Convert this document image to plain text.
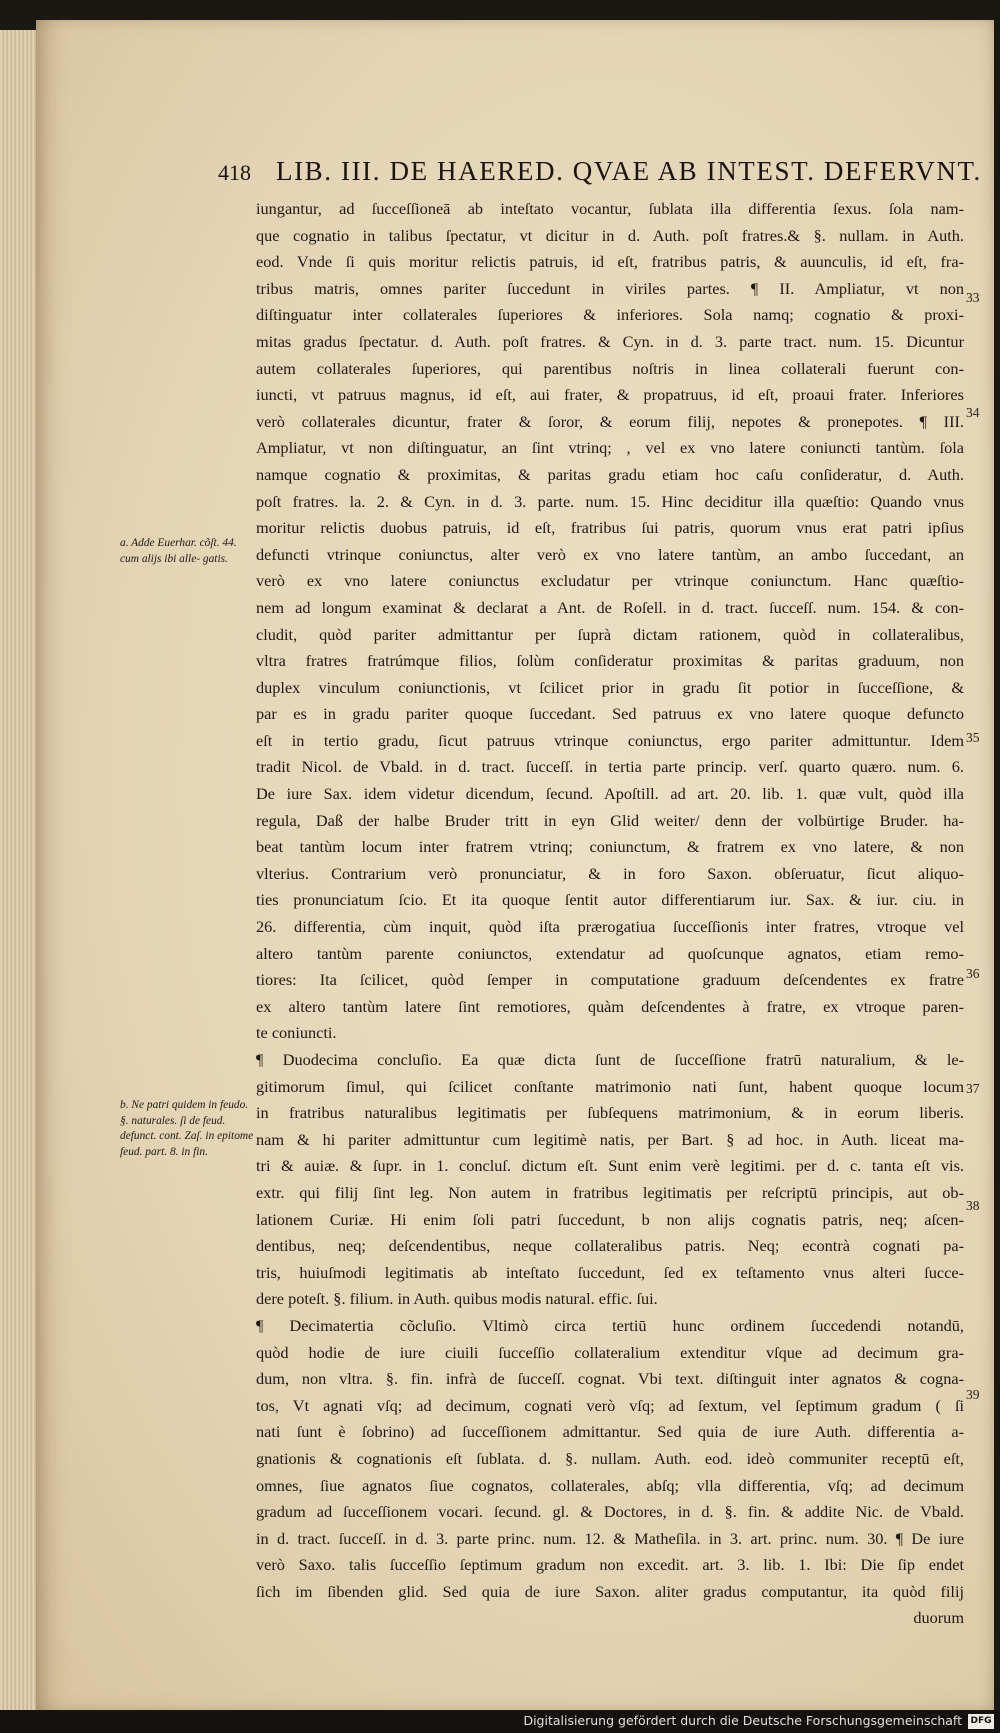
418 LIB. III. DE HAERED. QVAE AB INTEST. DEFERVNT.
iungantur, ad ſucceſſioneā ab inteſtato vocantur, ſublata illa differentia ſexus. ſola nam-
que cognatio in talibus ſpectatur, vt dicitur in d. Auth. poſt fratres.& §. nullam. in Auth.
eod. Vnde ſi quis moritur relictis patruis, id eſt, fratribus patris, & auunculis, id eſt, fra-
tribus matris, omnes pariter ſuccedunt in viriles partes. ¶ II. Ampliatur, vt non
diſtinguatur inter collaterales ſuperiores & inferiores. Sola namq; cognatio & proxi-
mitas gradus ſpectatur. d. Auth. poſt fratres. & Cyn. in d. 3. parte tract. num. 15. Dicuntur
autem collaterales ſuperiores, qui parentibus noſtris in linea collaterali fuerunt con-
iuncti, vt patruus magnus, id eſt, aui frater, & propatruus, id eſt, proaui frater. Inferiores
verò collaterales dicuntur, frater & ſoror, & eorum filij, nepotes & pronepotes. ¶ III.
Ampliatur, vt non diſtinguatur, an ſint vtrinq; , vel ex vno latere coniuncti tantùm. ſola
namque cognatio & proximitas, & paritas gradu etiam hoc caſu conſideratur, d. Auth.
poſt fratres. la. 2. & Cyn. in d. 3. parte. num. 15. Hinc deciditur illa quæſtio: Quando vnus
moritur relictis duobus patruis, id eſt, fratribus ſui patris, quorum vnus erat patri ipſius
defuncti vtrinque coniunctus, alter verò ex vno latere tantùm, an ambo ſuccedant, an
verò ex vno latere coniunctus excludatur per vtrinque coniunctum. Hanc quæſtio-
nem ad longum examinat & declarat a Ant. de Roſell. in d. tract. ſucceſſ. num. 154. & con-
cludit, quòd pariter admittantur per ſuprà dictam rationem, quòd in collateralibus,
vltra fratres fratrúmque filios, ſolùm conſideratur proximitas & paritas graduum, non
duplex vinculum coniunctionis, vt ſcilicet prior in gradu ſit potior in ſucceſſione, &
par es in gradu pariter quoque ſuccedant. Sed patruus ex vno latere quoque defuncto
eſt in tertio gradu, ſicut patruus vtrinque coniunctus, ergo pariter admittuntur. Idem
tradit Nicol. de Vbald. in d. tract. ſucceſſ. in tertia parte princip. verſ. quarto quæro. num. 6.
De iure Sax. idem videtur dicendum, ſecund. Apoſtill. ad art. 20. lib. 1. quæ vult, quòd illa
regula, Daß der halbe Bruder tritt in eyn Glid weiter/ denn der volbürtige Bruder. ha-
beat tantùm locum inter fratrem vtrinq; coniunctum, & fratrem ex vno latere, & non
vlterius. Contrarium verò pronunciatur, & in foro Saxon. obſeruatur, ſicut aliquo-
ties pronunciatum ſcio. Et ita quoque ſentit autor differentiarum iur. Sax. & iur. ciu. in
26. differentia, cùm inquit, quòd iſta prærogatiua ſucceſſionis inter fratres, vtroque vel
altero tantùm parente coniunctos, extendatur ad quoſcunque agnatos, etiam remo-
tiores: Ita ſcilicet, quòd ſemper in computatione graduum deſcendentes ex fratre
ex altero tantùm latere ſint remotiores, quàm deſcendentes à fratre, ex vtroque paren-
te coniuncti.
¶ Duodecima concluſio. Ea quæ dicta ſunt de ſucceſſione fratrū naturalium, & le-
gitimorum ſimul, qui ſcilicet conſtante matrimonio nati ſunt, habent quoque locum
in fratribus naturalibus legitimatis per ſubſequens matrimonium, & in eorum liberis.
nam & hi pariter admittuntur cum legitimè natis, per Bart. § ad hoc. in Auth. liceat ma-
tri & auiæ. & ſupr. in 1. concluſ. dictum eſt. Sunt enim verè legitimi. per d. c. tanta eſt vis.
extr. qui filij ſint leg. Non autem in fratribus legitimatis per reſcriptū principis, aut ob-
lationem Curiæ. Hi enim ſoli patri ſuccedunt, b non alijs cognatis patris, neq; aſcen-
dentibus, neq; deſcendentibus, neque collateralibus patris. Neq; econtrà cognati pa-
tris, huiuſmodi legitimatis ab inteſtato ſuccedunt, ſed ex teſtamento vnus alteri ſucce-
dere poteſt. §. filium. in Auth. quibus modis natural. effic. ſui.
¶ Decimatertia cõcluſio. Vltimò circa tertiū hunc ordinem ſuccedendi notandū,
quòd hodie de iure ciuili ſucceſſio collateralium extenditur vſque ad decimum gra-
dum, non vltra. §. fin. infrà de ſucceſſ. cognat. Vbi text. diſtinguit inter agnatos & cogna-
tos, Vt agnati vſq; ad decimum, cognati verò vſq; ad ſextum, vel ſeptimum gradum ( ſi
nati ſunt è ſobrino) ad ſucceſſionem admittantur. Sed quia de iure Auth. differentia a-
gnationis & cognationis eſt ſublata. d. §. nullam. Auth. eod. ideò communiter receptū eſt,
omnes, ſiue agnatos ſiue cognatos, collaterales, abſq; vlla differentia, vſq; ad decimum
gradum ad ſucceſſionem vocari. ſecund. gl. & Doctores, in d. §. fin. & addite Nic. de Vbald.
in d. tract. ſucceſſ. in d. 3. parte princ. num. 12. & Matheſila. in 3. art. princ. num. 30. ¶ De iure
verò Saxo. talis ſucceſſio ſeptimum gradum non excedit. art. 3. lib. 1. Ibi: Die ſip endet
ſich im ſibenden glid. Sed quia de iure Saxon. aliter gradus computantur, ita quòd filij
duorum
a. Adde Euerhar. cõſt. 44. cum alijs ibi alle- gatis.
b. Ne patri quidem in feudo. §. naturales. ſi de feud. defunct. cont. Zaſ. in epitome feud. part. 8. in fin.
33
34
35
36
37
38
39
Digitalisierung gefördert durch die Deutsche Forschungsgemeinschaft DFG
